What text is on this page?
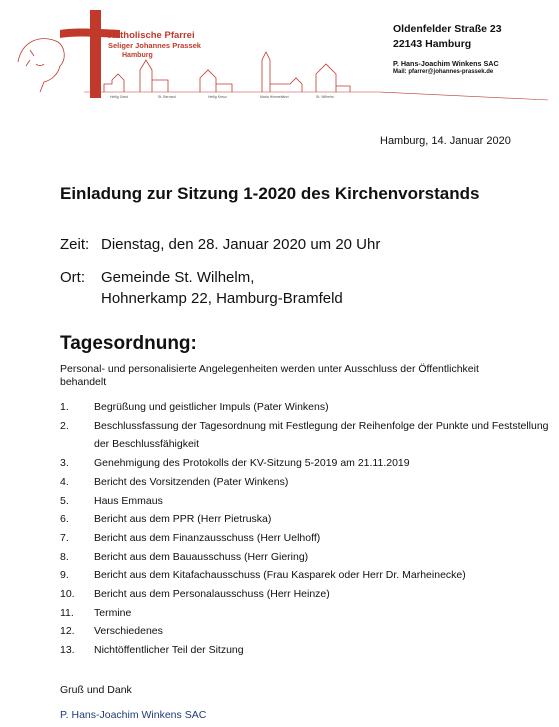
Katholische Pfarrei
Seliger Johannes Prassek
Hamburg
Heilig Geist	St. Bernard	Heilig Kreuz	Maria Himmelfahrt	St. Wilhelm
Oldenfelder Straße 23
22143 Hamburg
P. Hans-Joachim Winkens SAC
Mail: pfarrer@johannes-prassek.de
Hamburg, 14. Januar 2020
Einladung zur Sitzung 1-2020 des Kirchenvorstands
Zeit: Dienstag, den 28. Januar 2020 um 20 Uhr
Ort: Gemeinde St. Wilhelm,
Hohnerkamp 22, Hamburg-Bramfeld
Tagesordnung:
Personal- und personalisierte Angelegenheiten werden unter Ausschluss der Öffentlichkeit behandelt
1. Begrüßung und geistlicher Impuls (Pater Winkens)
2. Beschlussfassung der Tagesordnung mit Festlegung der Reihenfolge der Punkte und Feststellung der Beschlussfähigkeit
3. Genehmigung des Protokolls der KV-Sitzung 5-2019 am 21.11.2019
4. Bericht des Vorsitzenden (Pater Winkens)
5. Haus Emmaus
6. Bericht aus dem PPR (Herr Pietruska)
7. Bericht aus dem Finanzausschuss (Herr Uelhoff)
8. Bericht aus dem Bauausschuss (Herr Giering)
9. Bericht aus dem Kitafachausschuss (Frau Kasparek oder Herr Dr. Marheinecke)
10. Bericht aus dem Personalausschuss (Herr Heinze)
11. Termine
12. Verschiedenes
13. Nichtöffentlicher Teil der Sitzung
Gruß und Dank
P. Hans-Joachim Winkens SAC
